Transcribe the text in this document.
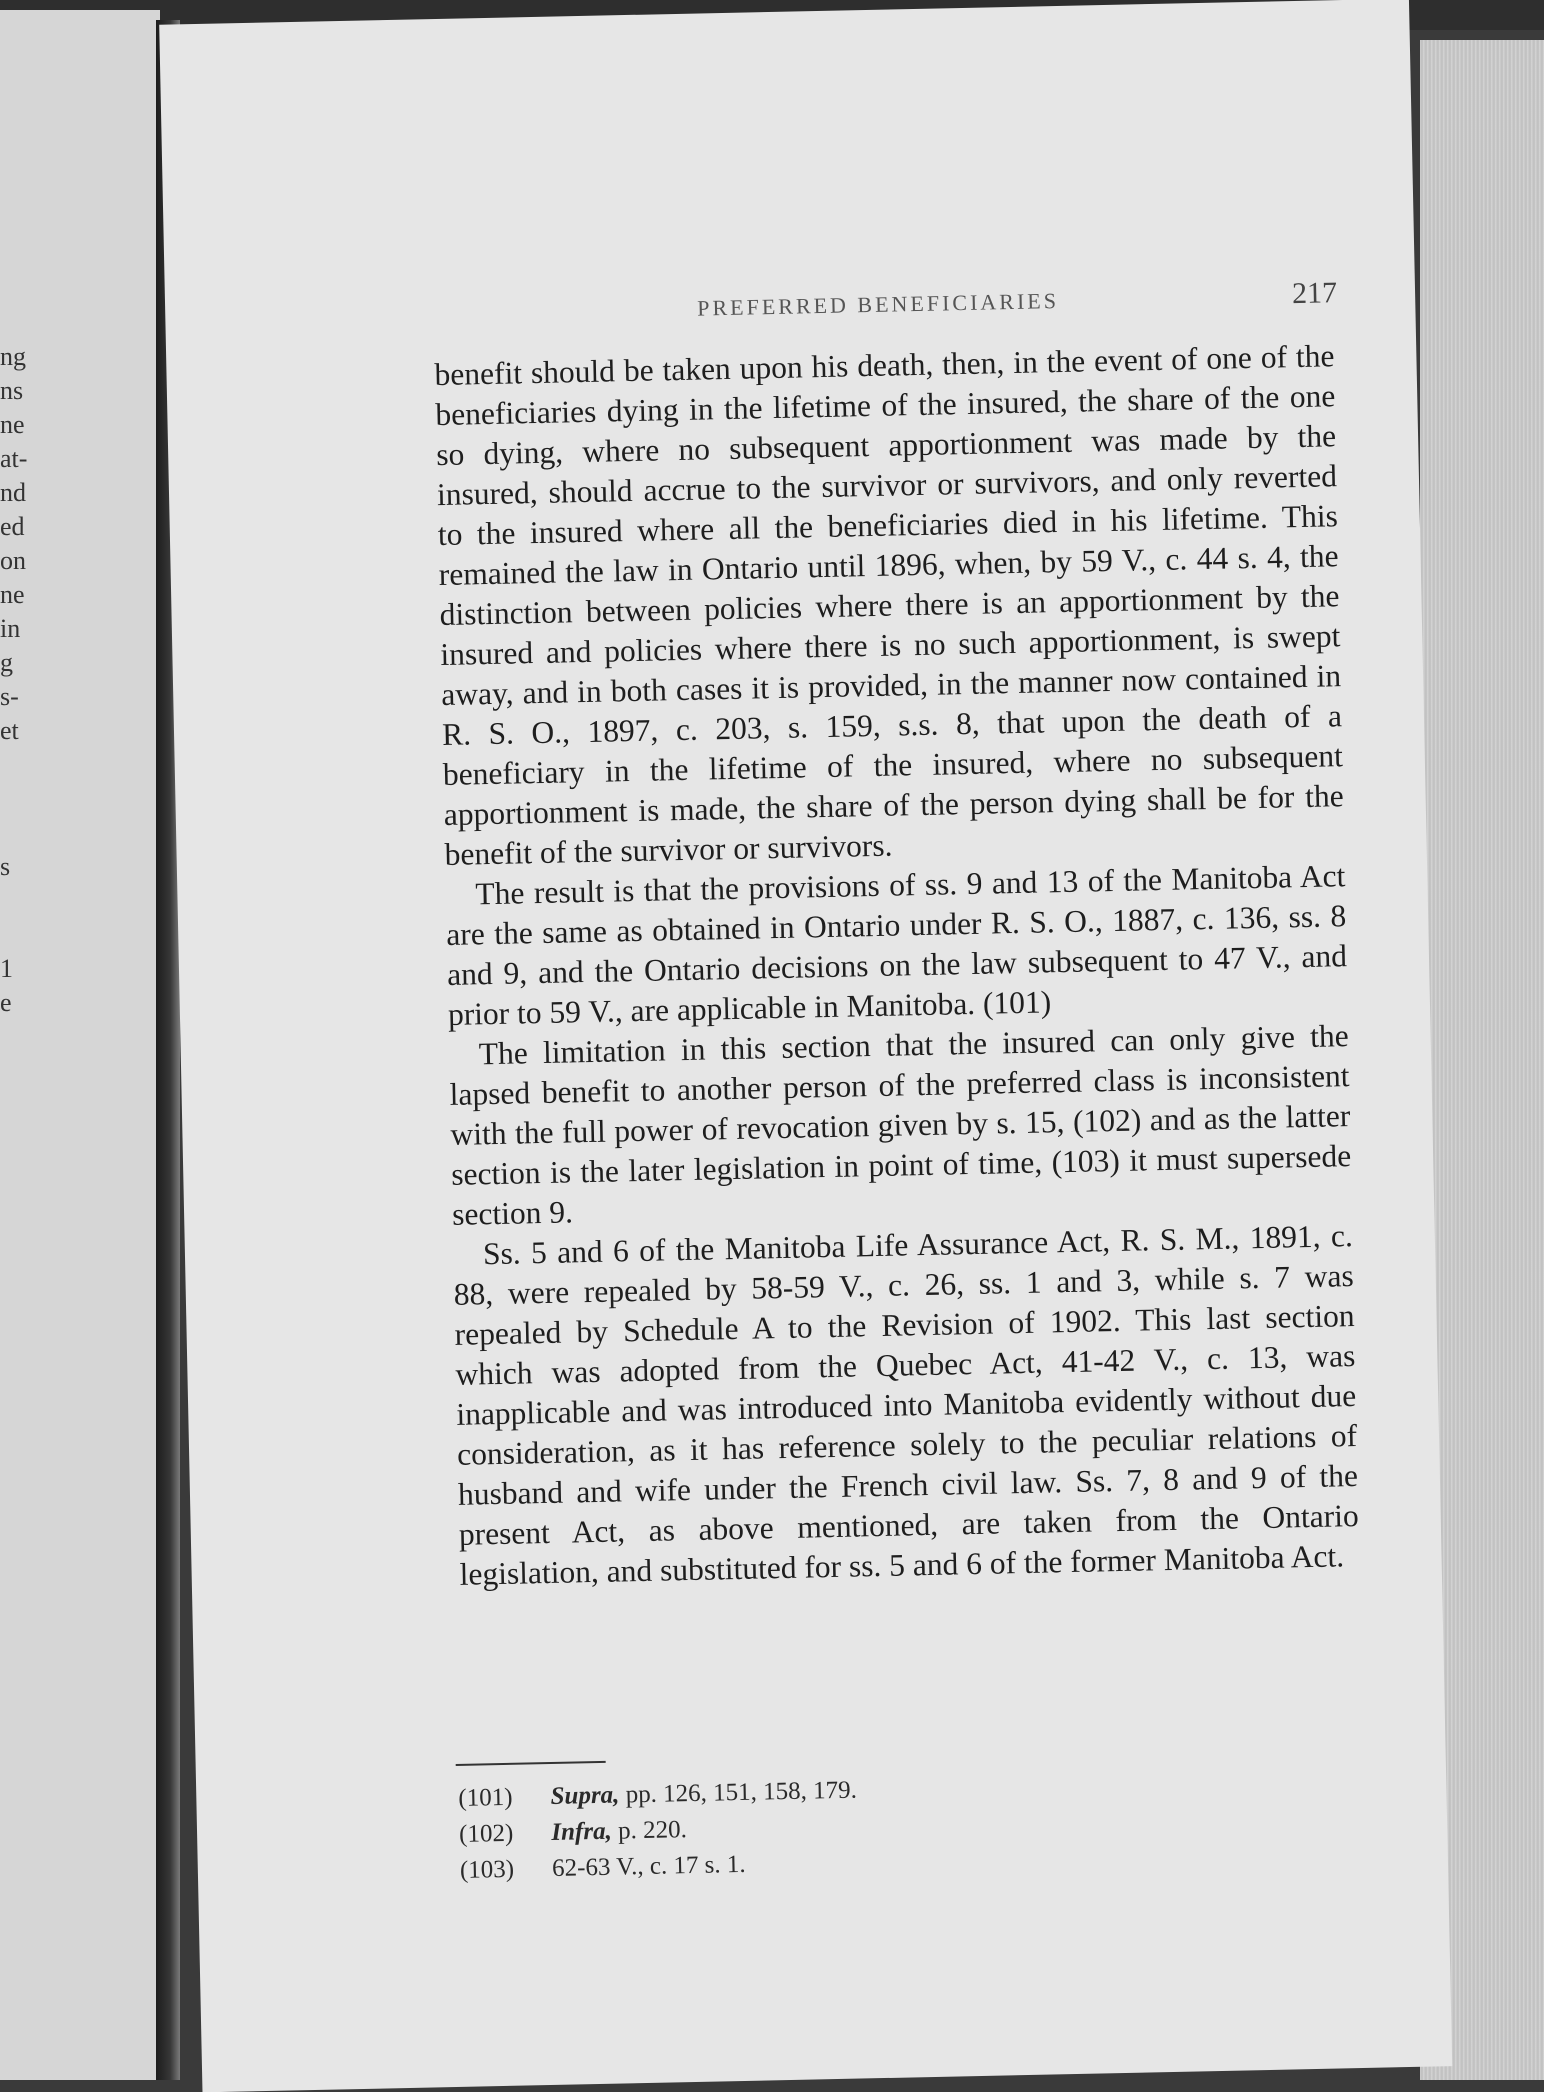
ng
ns
ne
at-
nd
ed
on
ne
in
g
s-
et
s
1
e
PREFERRED BENEFICIARIES	217

benefit should be taken upon his death, then, in the event of one of the beneficiaries dying in the lifetime of the insured, the share of the one so dying, where no subsequent apportionment was made by the insured, should accrue to the survivor or survivors, and only reverted to the insured where all the beneficiaries died in his lifetime. This remained the law in Ontario until 1896, when, by 59 V., c. 44 s. 4, the distinction between policies where there is an apportionment by the insured and policies where there is no such apportionment, is swept away, and in both cases it is provided, in the manner now contained in R. S. O., 1897, c. 203, s. 159, s.s. 8, that upon the death of a beneficiary in the lifetime of the insured, where no subsequent apportionment is made, the share of the person dying shall be for the benefit of the survivor or survivors.

The result is that the provisions of ss. 9 and 13 of the Manitoba Act are the same as obtained in Ontario under R. S. O., 1887, c. 136, ss. 8 and 9, and the Ontario decisions on the law subsequent to 47 V., and prior to 59 V., are applicable in Manitoba. (101)

The limitation in this section that the insured can only give the lapsed benefit to another person of the preferred class is inconsistent with the full power of revocation given by s. 15, (102) and as the latter section is the later legislation in point of time, (103) it must supersede section 9.

Ss. 5 and 6 of the Manitoba Life Assurance Act, R. S. M., 1891, c. 88, were repealed by 58-59 V., c. 26, ss. 1 and 3, while s. 7 was repealed by Schedule A to the Revision of 1902. This last section which was adopted from the Quebec Act, 41-42 V., c. 13, was inapplicable and was introduced into Manitoba evidently without due consideration, as it has reference solely to the peculiar relations of husband and wife under the French civil law. Ss. 7, 8 and 9 of the present Act, as above mentioned, are taken from the Ontario legislation, and substituted for ss. 5 and 6 of the former Manitoba Act.

(101) Supra, pp. 126, 151, 158, 179.
(102) Infra, p. 220.
(103) 62-63 V., c. 17 s. 1.
